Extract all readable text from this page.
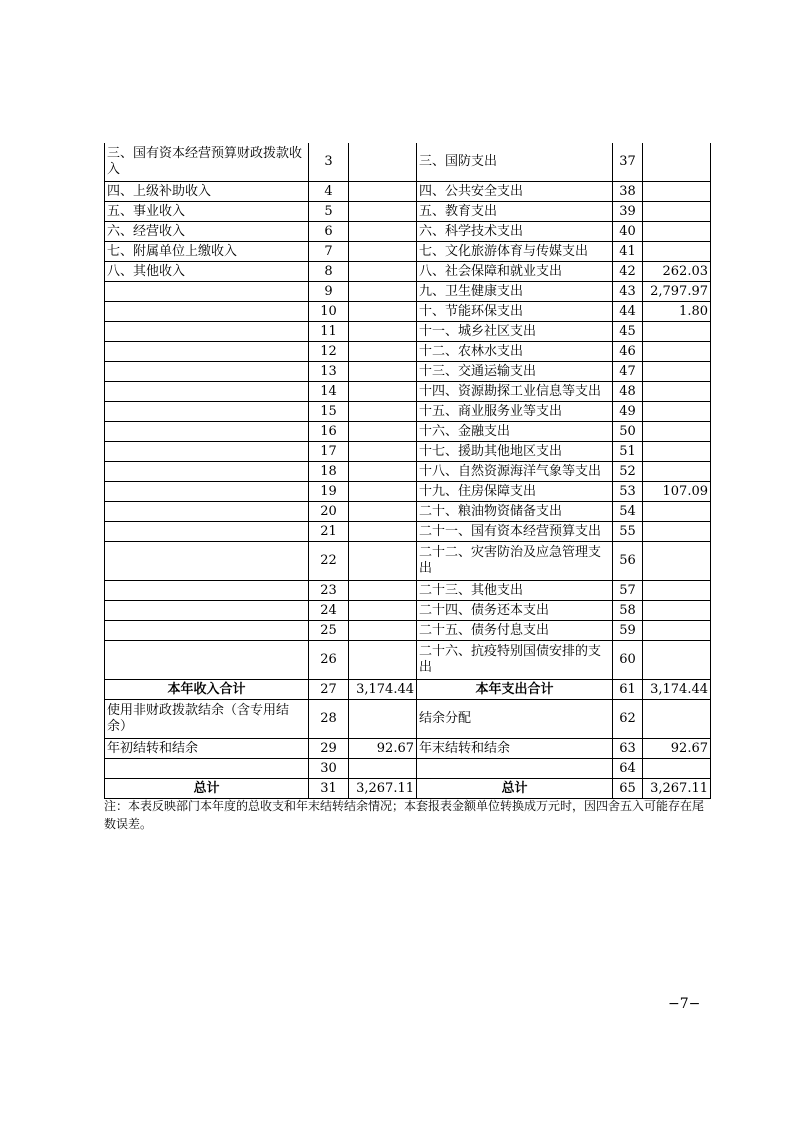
三、国有资本经营预算财政拨款收入	3		三、国防支出	37	
四、上级补助收入	4		四、公共安全支出	38	
五、事业收入	5		五、教育支出	39	
六、经营收入	6		六、科学技术支出	40	
七、附属单位上缴收入	7		七、文化旅游体育与传媒支出	41	
八、其他收入	8		八、社会保障和就业支出	42	262.03
	9		九、卫生健康支出	43	2,797.97
	10		十、节能环保支出	44	1.80
	11		十一、城乡社区支出	45	
	12		十二、农林水支出	46	
	13		十三、交通运输支出	47	
	14		十四、资源勘探工业信息等支出	48	
	15		十五、商业服务业等支出	49	
	16		十六、金融支出	50	
	17		十七、援助其他地区支出	51	
	18		十八、自然资源海洋气象等支出	52	
	19		十九、住房保障支出	53	107.09
	20		二十、粮油物资储备支出	54	
	21		二十一、国有资本经营预算支出	55	
	22		二十二、灾害防治及应急管理支出	56	
	23		二十三、其他支出	57	
	24		二十四、债务还本支出	58	
	25		二十五、债务付息支出	59	
	26		二十六、抗疫特别国债安排的支出	60	
本年收入合计	27	3,174.44	本年支出合计	61	3,174.44
使用非财政拨款结余（含专用结余）	28		结余分配	62	
年初结转和结余	29	92.67	年末结转和结余	63	92.67
	30			64	
总计	31	3,267.11	总计	65	3,267.11
注：本表反映部门本年度的总收支和年末结转结余情况；本套报表金额单位转换成万元时，因四舍五入可能存在尾数误差。
−7−
